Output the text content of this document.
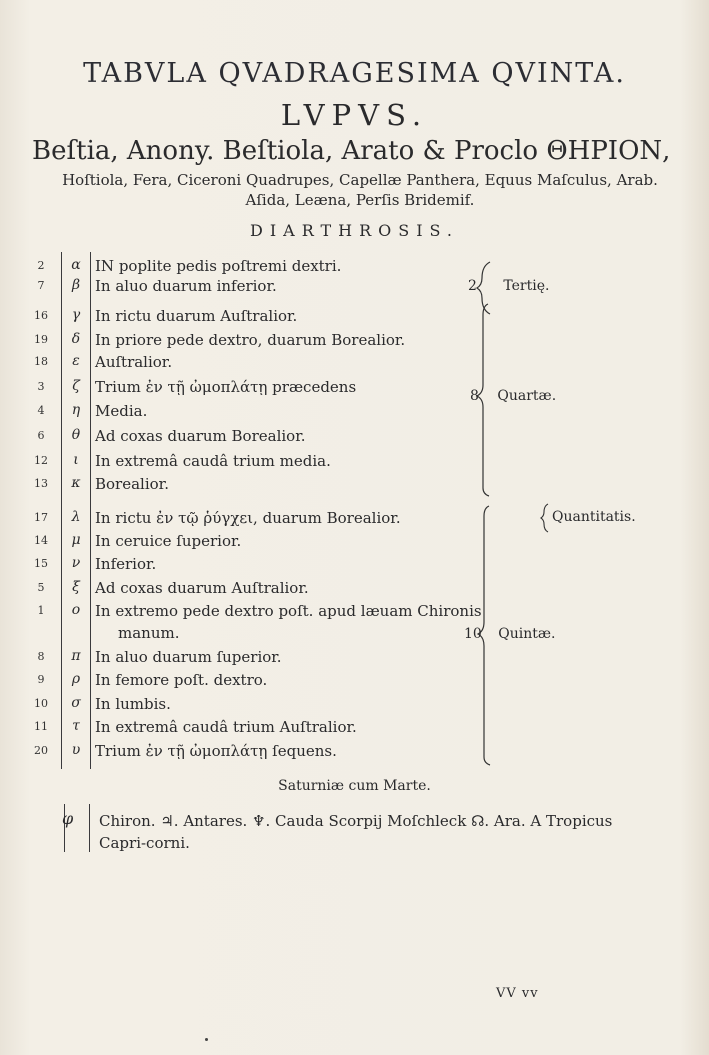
TABVLA QVADRAGESIMA QVINTA.
LVPVS.
Beſtia, Anony. Beſtiola, Arato & Proclo ΘΗΡΙΟΝ,
Hoſtiola, Fera, Ciceroni Quadrupes, Capellæ Panthera, Equus Maſculus, Arab.
Aſida, Leæna, Perſis Bridemif.
DIARTHROSIS.
2	α IN poplite pedis poſtremi dextri.
7	β In aluo duarum inferior.
16	γ In rictu duarum Auſtralior.
19	δ In priore pede dextro, duarum Borealior.
18	ε	Auſtralior.
3	ζ	Trium ἐν τῇ ὠμοπλάτῃ præcedens
4	η Media.
6	θ Ad coxas duarum Borealior.
12	ι	In extremâ caudâ trium media.
13	κ Borealior.
17	λ In rictu ἐν τῷ ῥύγχει, duarum Borealior.
14	μ In ceruice ſuperior.
15	ν Inferior.
5	ξ	Ad coxas duarum Auſtralior.
1	ο In extremo pede dextro poſt. apud læuam Chironis
manum.
8	π In aluo duarum ſuperior.
9	ρ In femore poſt. dextro.
10	σ In lumbis.
11	τ	In extremâ caudâ trium Auſtralior.
20	υ Trium ἐν τῇ ὠμοπλάτῃ ſequens.
2 Tertię.
8 Quartæ.
10 Quintæ.
Quantitatis.
Saturniæ cum Marte.
φ Chiron. ♃. Antares. ♆. Cauda Scorpij Moſchleck ☊. Ara. A Tropicus Capri-corni.
VV vv
